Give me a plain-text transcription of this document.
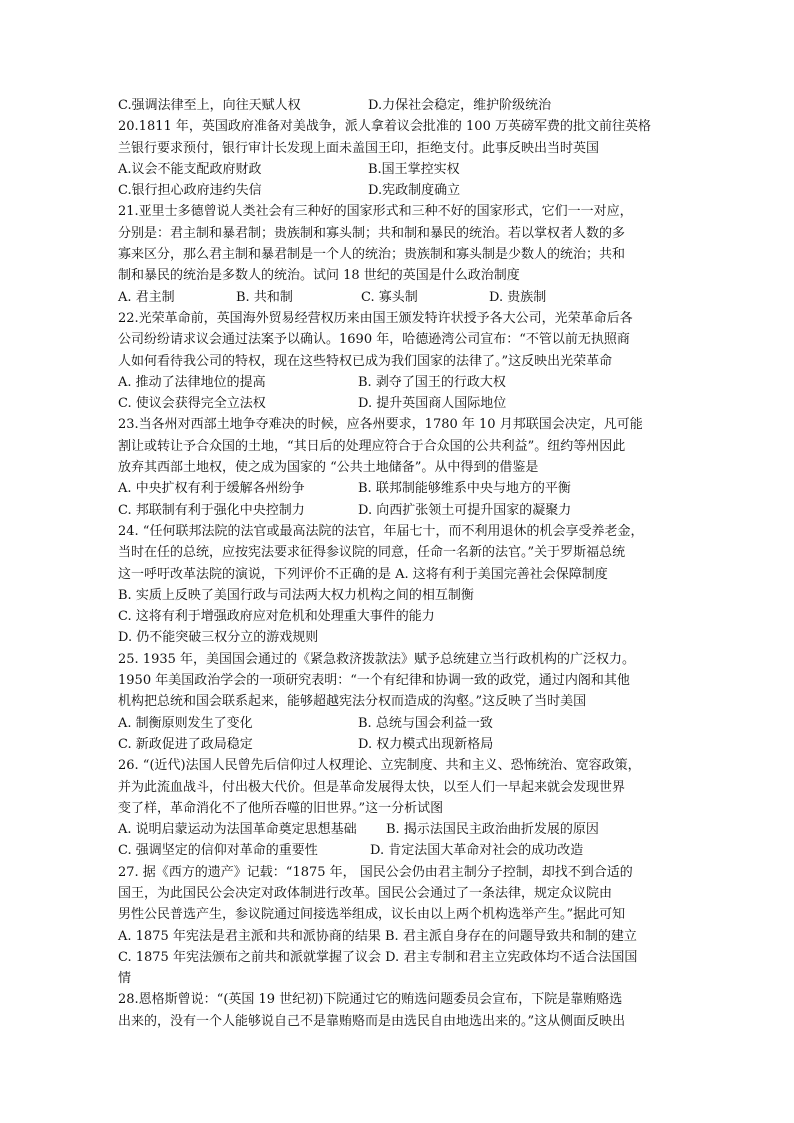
C.强调法律至上，向往天赋人权	D.力保社会稳定，维护阶级统治
20.1811 年，英国政府准备对美战争，派人拿着议会批准的 100 万英磅军费的批文前往英格
兰银行要求预付，银行审计长发现上面未盖国王印，拒绝支付。此事反映出当时英国
A.议会不能支配政府财政	B.国王掌控实权
C.银行担心政府违约失信	D.宪政制度确立
21.亚里士多德曾说人类社会有三种好的国家形式和三种不好的国家形式，它们一一对应，
分别是：君主制和暴君制；贵族制和寡头制；共和制和暴民的统治。若以掌权者人数的多
寡来区分，那么君主制和暴君制是一个人的统治；贵族制和寡头制是少数人的统治；共和
制和暴民的统治是多数人的统治。试问 18 世纪的英国是什么政治制度
A. 君主制	B. 共和制	C. 寡头制	D. 贵族制
22.光荣革命前，英国海外贸易经营权历来由国王颁发特许状授予各大公司，光荣革命后各
公司纷纷请求议会通过法案予以确认。1690 年，哈德逊湾公司宣布：“不管以前无执照商
人如何看待我公司的特权，现在这些特权已成为我们国家的法律了。”这反映出光荣革命
A. 推动了法律地位的提高	B. 剥夺了国王的行政大权
C. 使议会获得完全立法权	D. 提升英国商人国际地位
23.当各州对西部土地争夺难决的时候，应各州要求，1780 年 10 月邦联国会决定，凡可能
割让或转让予合众国的土地，“其日后的处理应符合于合众国的公共利益”。纽约等州因此
放弃其西部土地权，使之成为国家的 “公共土地储备”。从中得到的借鉴是
A. 中央扩权有利于缓解各州纷争	B. 联邦制能够维系中央与地方的平衡
C. 邦联制有利于强化中央控制力	D. 向西扩张领土可提升国家的凝聚力
24. “任何联邦法院的法官或最高法院的法官，年届七十，而不利用退休的机会享受养老金，
当时在任的总统，应按宪法要求征得参议院的同意，任命一名新的法官。”关于罗斯福总统
这一呼吁改革法院的演说，下列评价不正确的是 A. 这将有利于美国完善社会保障制度
B. 实质上反映了美国行政与司法两大权力机构之间的相互制衡
C. 这将有利于增强政府应对危机和处理重大事件的能力
D. 仍不能突破三权分立的游戏规则
25. 1935 年，美国国会通过的《紧急救济拨款法》赋予总统建立当行政机构的广泛权力。
1950 年美国政治学会的一项研究表明：“一个有纪律和协调一致的政党，通过内阁和其他
机构把总统和国会联系起来，能够超越宪法分权而造成的沟壑。”这反映了当时美国
A. 制衡原则发生了变化	B. 总统与国会利益一致
C. 新政促进了政局稳定	D. 权力模式出现新格局
26. “(近代)法国人民曾先后信仰过人权理论、立宪制度、共和主义、恐怖统治、宽容政策，
并为此流血战斗，付出极大代价。但是革命发展得太快，以至人们一早起来就会发现世界
变了样，革命消化不了他所吞噬的旧世界。”这一分析试图
A. 说明启蒙运动为法国革命奠定思想基础	B. 揭示法国民主政治曲折发展的原因
C. 强调坚定的信仰对革命的重要性	D. 肯定法国大革命对社会的成功改造
27. 据《西方的遗产》记载：“1875 年， 国民公会仍由君主制分子控制，却找不到合适的
国王，为此国民公会决定对政体制进行改革。国民公会通过了一条法律，规定众议院由
男性公民普选产生，参议院通过间接选举组成，议长由以上两个机构选举产生。”据此可知
A. 1875 年宪法是君主派和共和派协商的结果 B. 君主派自身存在的问题导致共和制的建立
C. 1875 年宪法颁布之前共和派就掌握了议会 D. 君主专制和君主立宪政体均不适合法国国
情
28.恩格斯曾说：“(英国 19 世纪初)下院通过它的贿选问题委员会宣布，下院是靠贿赂选
出来的，没有一个人能够说自己不是靠贿赂而是由选民自由地选出来的。”这从侧面反映出
